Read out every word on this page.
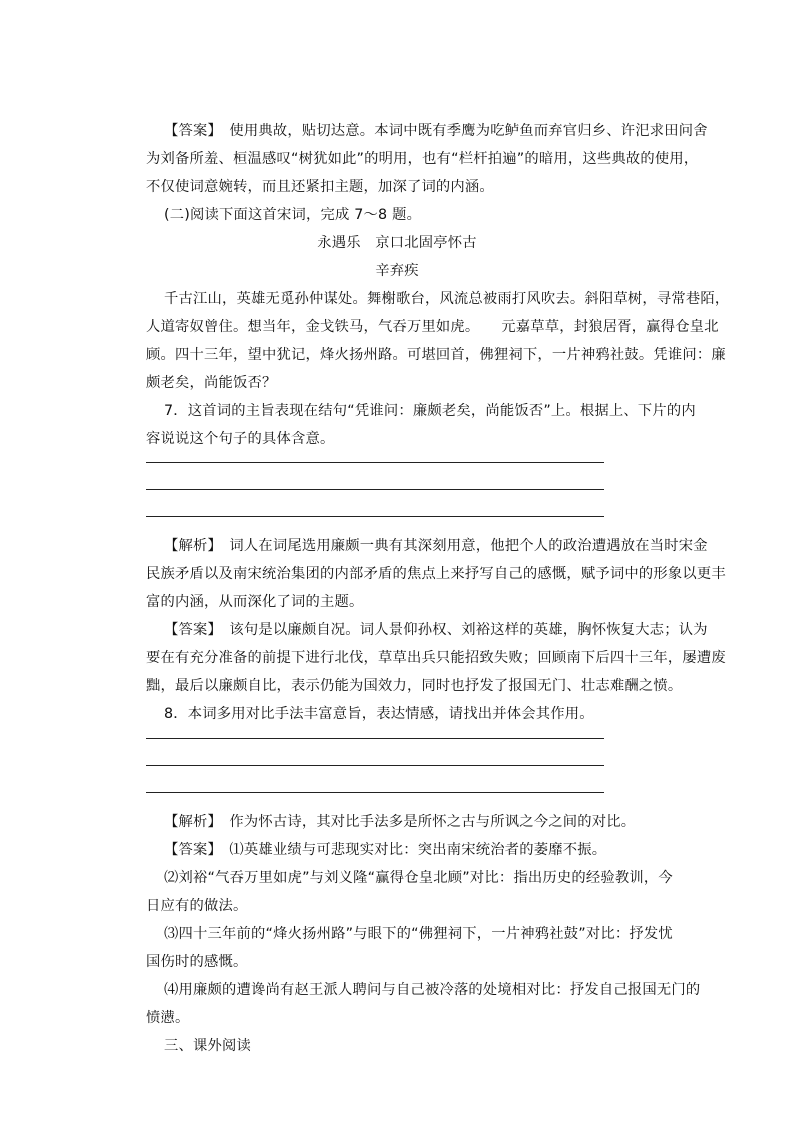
【答案】　使用典故，贴切达意。本词中既有季鹰为吃鲈鱼而弃官归乡、许汜求田问舍
为刘备所羞、桓温感叹“树犹如此”的明用，也有“栏杆拍遍”的暗用，这些典故的使用，
不仅使词意婉转，而且还紧扣主题，加深了词的内涵。
(二)阅读下面这首宋词，完成 7～8 题。
永遇乐　京口北固亭怀古
辛弃疾
千古江山，英雄无觅孙仲谋处。舞榭歌台，风流总被雨打风吹去。斜阳草树，寻常巷陌，
人道寄奴曾住。想当年，金戈铁马，气吞万里如虎。　　元嘉草草，封狼居胥，赢得仓皇北
顾。四十三年，望中犹记，烽火扬州路。可堪回首，佛狸祠下，一片神鸦社鼓。凭谁问：廉
颇老矣，尚能饭否？
7．这首词的主旨表现在结句“凭谁问：廉颇老矣，尚能饭否”上。根据上、下片的内
容说说这个句子的具体含意。
【解析】　词人在词尾选用廉颇一典有其深刻用意，他把个人的政治遭遇放在当时宋金
民族矛盾以及南宋统治集团的内部矛盾的焦点上来抒写自己的感慨，赋予词中的形象以更丰
富的内涵，从而深化了词的主题。
【答案】　该句是以廉颇自况。词人景仰孙权、刘裕这样的英雄，胸怀恢复大志；认为
要在有充分准备的前提下进行北伐，草草出兵只能招致失败；回顾南下后四十三年，屡遭废
黜，最后以廉颇自比，表示仍能为国效力，同时也抒发了报国无门、壮志难酬之愤。
8．本词多用对比手法丰富意旨，表达情感，请找出并体会其作用。
【解析】　作为怀古诗，其对比手法多是所怀之古与所讽之今之间的对比。
【答案】　⑴英雄业绩与可悲现实对比：突出南宋统治者的萎靡不振。
⑵刘裕“气吞万里如虎”与刘义隆“赢得仓皇北顾”对比：指出历史的经验教训，今
日应有的做法。
⑶四十三年前的“烽火扬州路”与眼下的“佛狸祠下，一片神鸦社鼓”对比：抒发忧
国伤时的感慨。
⑷用廉颇的遭谗尚有赵王派人聘问与自己被冷落的处境相对比：抒发自己报国无门的
愤懑。
三、课外阅读
